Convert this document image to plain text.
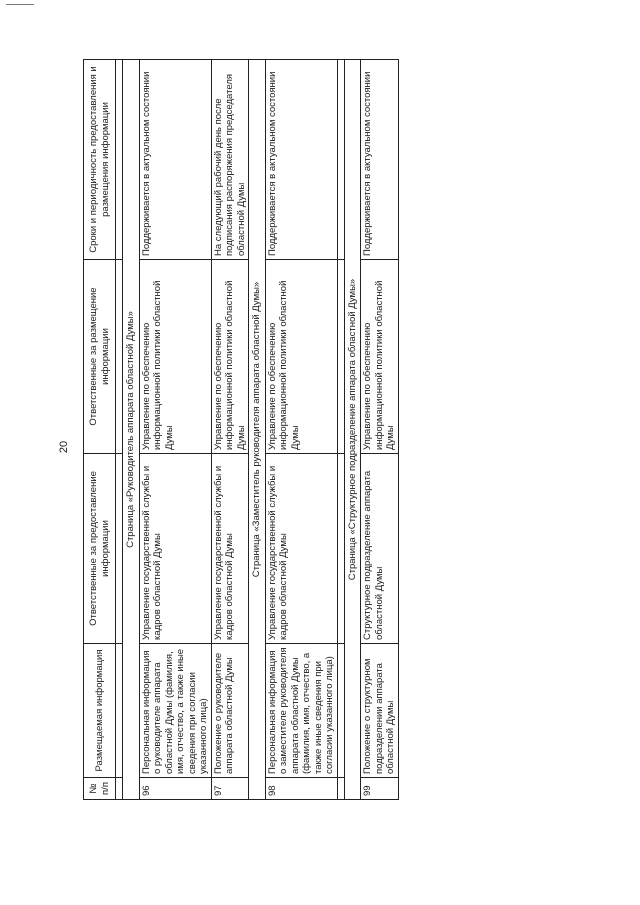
20
№ п/п	Размещаемая информация	Ответственные за предоставление информации	Ответственные за размещение информации	Сроки и периодичность предоставления и размещения информации

Страница «Руководитель аппарата областной Думы»				
96	Персональная информация о руководителе аппарата областной Думы (фамилия, имя, отчество, а также иные сведения при согласии указанного лица)	Управление государственной службы и кадров областной Думы	Управление по обеспечению информационной политики областной Думы	Поддерживается в актуальном состоянии
97	Положение о руководителе аппарата областной Думы	Управление государственной службы и кадров областной Думы	Управление по обеспечению информационной политики областной Думы	На следующий рабочий день после подписания распоряжения председателя областной Думы
Страница «Заместитель руководителя аппарата областной Думы»				
98	Персональная информация о заместителе руководителя аппарата областной Думы (фамилия, имя, отчество, а также иные сведения при согласии указанного лица)	Управление государственной службы и кадров областной Думы	Управление по обеспечению информационной политики областной Думы	Поддерживается в актуальном состоянии

Страница «Структурное подразделение аппарата областной Думы»				
99	Положение о структурном подразделении аппарата областной Думы	Структурное подразделение аппарата областной Думы	Управление по обеспечению информационной политики областной Думы	Поддерживается в актуальном состоянии
